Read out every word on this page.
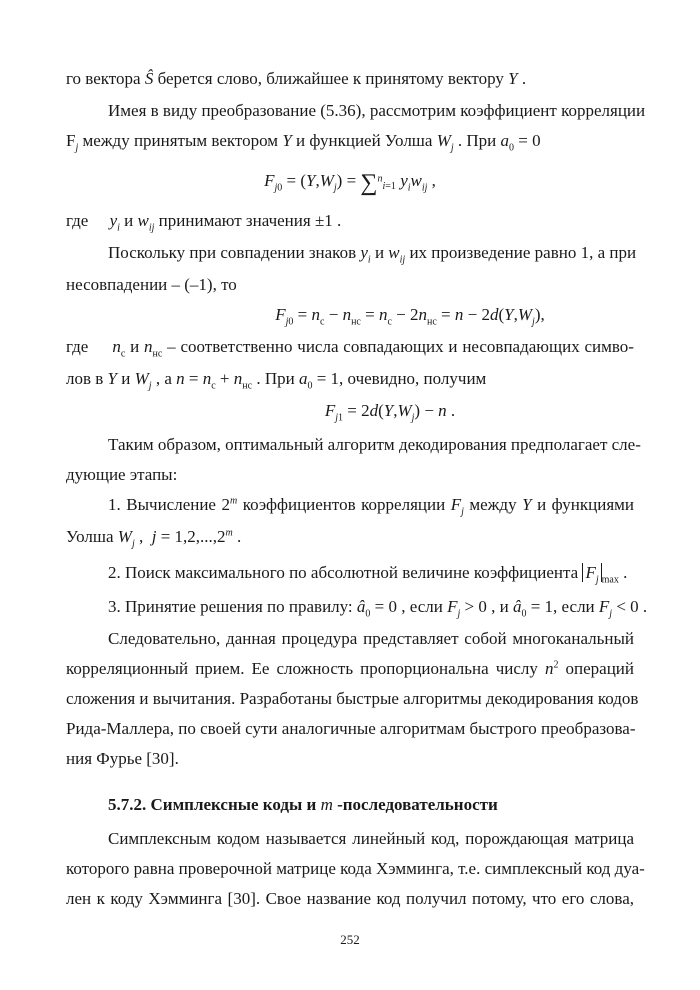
го вектора Ŝ берется слово, ближайшее к принятому вектору Y .
Имея в виду преобразование (5.36), рассмотрим коэффициент корреляции
$F_j$ между принятым вектором Y и функцией Уолша $W_j$ . При $a_0 = 0$
$F_{j0} = (Y,W_j) = \sum^n_{i=1}$ $y_iw_{ij}$ ,
где     $y_i$ и $w_{ij}$ принимают значения ±1 .
Поскольку при совпадении знаков $y_i$ и $w_{ij}$ их произведение равно 1, а при
несовпадении – (–1), то
$F_{j0} = n_с - n_{нс} = n_с - 2n_{нс} = n - 2d(Y,W_j)$,
где     $n_с$ и $n_{нс}$ – соответственно числа совпадающих и несовпадающих симво-
лов в Y и $W_j$ , а $n = n_с + n_{нс}$ . При $a_0 = 1$, очевидно, получим
$F_{j1} = 2d(Y,W_j) - n$ .
Таким образом, оптимальный алгоритм декодирования предполагает сле-
дующие этапы:
1. Вычисление 2$^m$ коэффициентов корреляции $F_j$ между Y и функциями
Уолша $W_j$ ,  $j = 1,2,...,2^m$ .
2. Поиск максимального по абсолютной величине коэффициента $F_j$ $_{max}$ .
3. Принятие решения по правилу: $â_0 = 0$ , если $F_j > 0$ , и $â_0 = 1$, если $F_j < 0$ .
Следовательно, данная процедура представляет собой многоканальный
корреляционный прием. Ее сложность пропорциональна числу $n^2$ операций
сложения и вычитания. Разработаны быстрые алгоритмы декодирования кодов
Рида-Маллера, по своей сути аналогичные алгоритмам быстрого преобразова-
ния Фурье [30].
5.7.2. Симплексные коды и m -последовательности
Симплексным кодом называется линейный код, порождающая матрица
которого равна проверочной матрице кода Хэмминга, т.е. симплексный код дуа-
лен к коду Хэмминга [30]. Свое название код получил потому, что его слова,
252
